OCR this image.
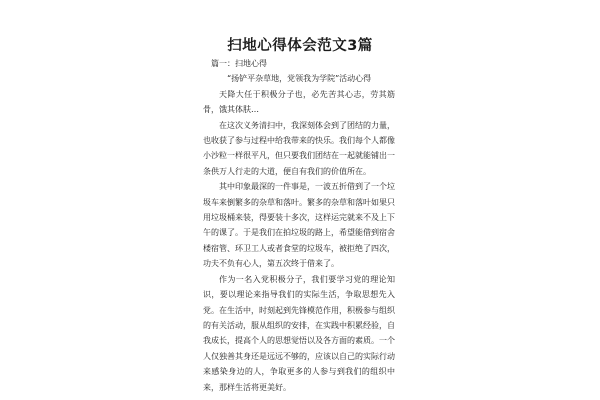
扫地心得体会范文3篇

篇一：扫地心得

“扬铲平杂草地，党领我为学院”活动心得

天降大任于积极分子也，必先苦其心志，劳其筋骨，饿其体肤…

在这次义务清扫中，我深刻体会到了团结的力量，也收获了参与过程中给我带来的快乐。我们每个人都像小沙粒一样很平凡，但只要我们团结在一起就能铺出一条供万人行走的大道，便自有我们的价值所在。

其中印象最深的一件事是，一波五折借到了一个垃圾车来倒繁多的杂草和落叶。繁多的杂草和落叶如果只用垃圾桶来装，得要装十多次，这样运完就来不及上下午的课了。于是我们在拍垃圾的路上，希望能借到宿舍楼宿管、环卫工人或者食堂的垃圾车，被拒绝了四次，功夫不负有心人，第五次终于借来了。

作为一名入党积极分子，我们要学习党的理论知识，要以理论来指导我们的实际生活，争取思想先入党。在生活中，时刻起到先锋模范作用，积极参与组织的有关活动，服从组织的安排，在实践中积累经验，自我成长，提高个人的思想觉悟以及各方面的素质。一个人仅独善其身还是远远不够的，应该以自己的实际行动来感染身边的人，争取更多的人参与到我们的组织中来，那样生活将更美好。
